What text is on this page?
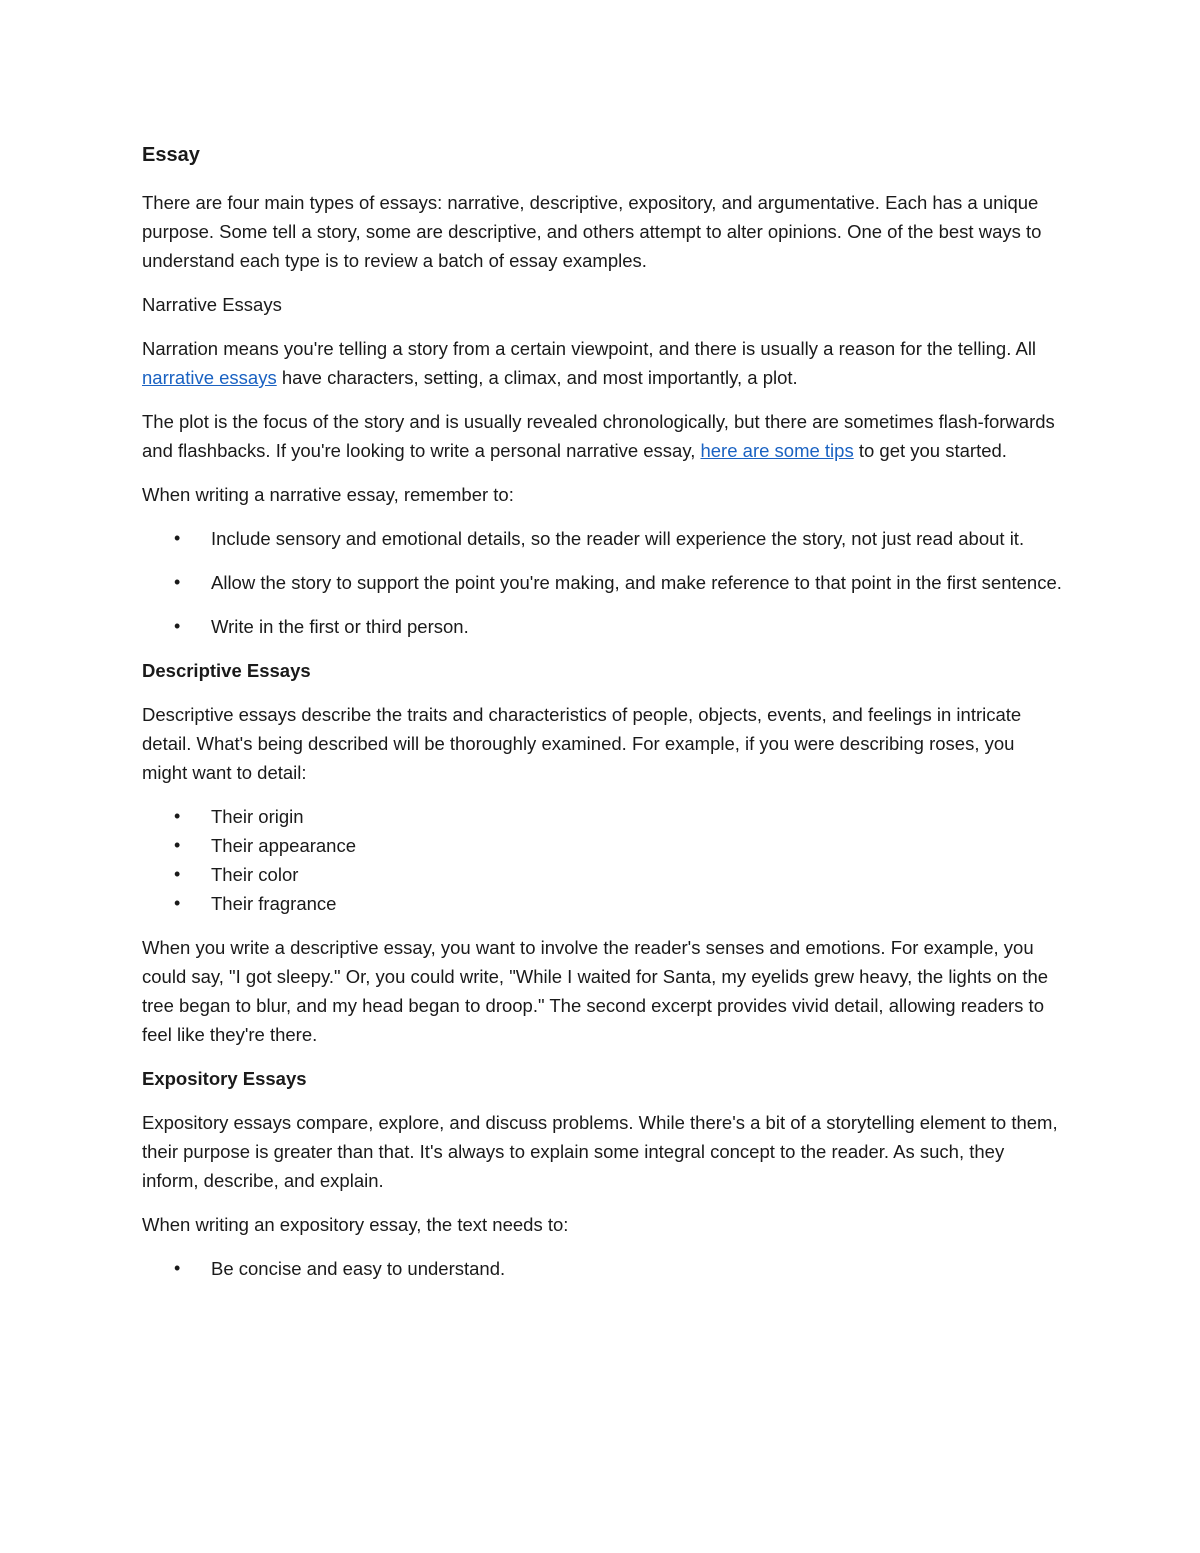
Essay

There are four main types of essays: narrative, descriptive, expository, and argumentative. Each has a unique purpose. Some tell a story, some are descriptive, and others attempt to alter opinions. One of the best ways to understand each type is to review a batch of essay examples.

Narrative Essays

Narration means you're telling a story from a certain viewpoint, and there is usually a reason for the telling. All narrative essays have characters, setting, a climax, and most importantly, a plot.

The plot is the focus of the story and is usually revealed chronologically, but there are sometimes flash-forwards and flashbacks. If you're looking to write a personal narrative essay, here are some tips to get you started.

When writing a narrative essay, remember to:

• Include sensory and emotional details, so the reader will experience the story, not just read about it.
• Allow the story to support the point you're making, and make reference to that point in the first sentence.
• Write in the first or third person.
Descriptive Essays

Descriptive essays describe the traits and characteristics of people, objects, events, and feelings in intricate detail. What's being described will be thoroughly examined. For example, if you were describing roses, you might want to detail:

• Their origin
• Their appearance
• Their color
• Their fragrance

When you write a descriptive essay, you want to involve the reader's senses and emotions. For example, you could say, "I got sleepy." Or, you could write, "While I waited for Santa, my eyelids grew heavy, the lights on the tree began to blur, and my head began to droop." The second excerpt provides vivid detail, allowing readers to feel like they're there.

Expository Essays

Expository essays compare, explore, and discuss problems. While there's a bit of a storytelling element to them, their purpose is greater than that. It's always to explain some integral concept to the reader. As such, they inform, describe, and explain.

When writing an expository essay, the text needs to:

• Be concise and easy to understand.
